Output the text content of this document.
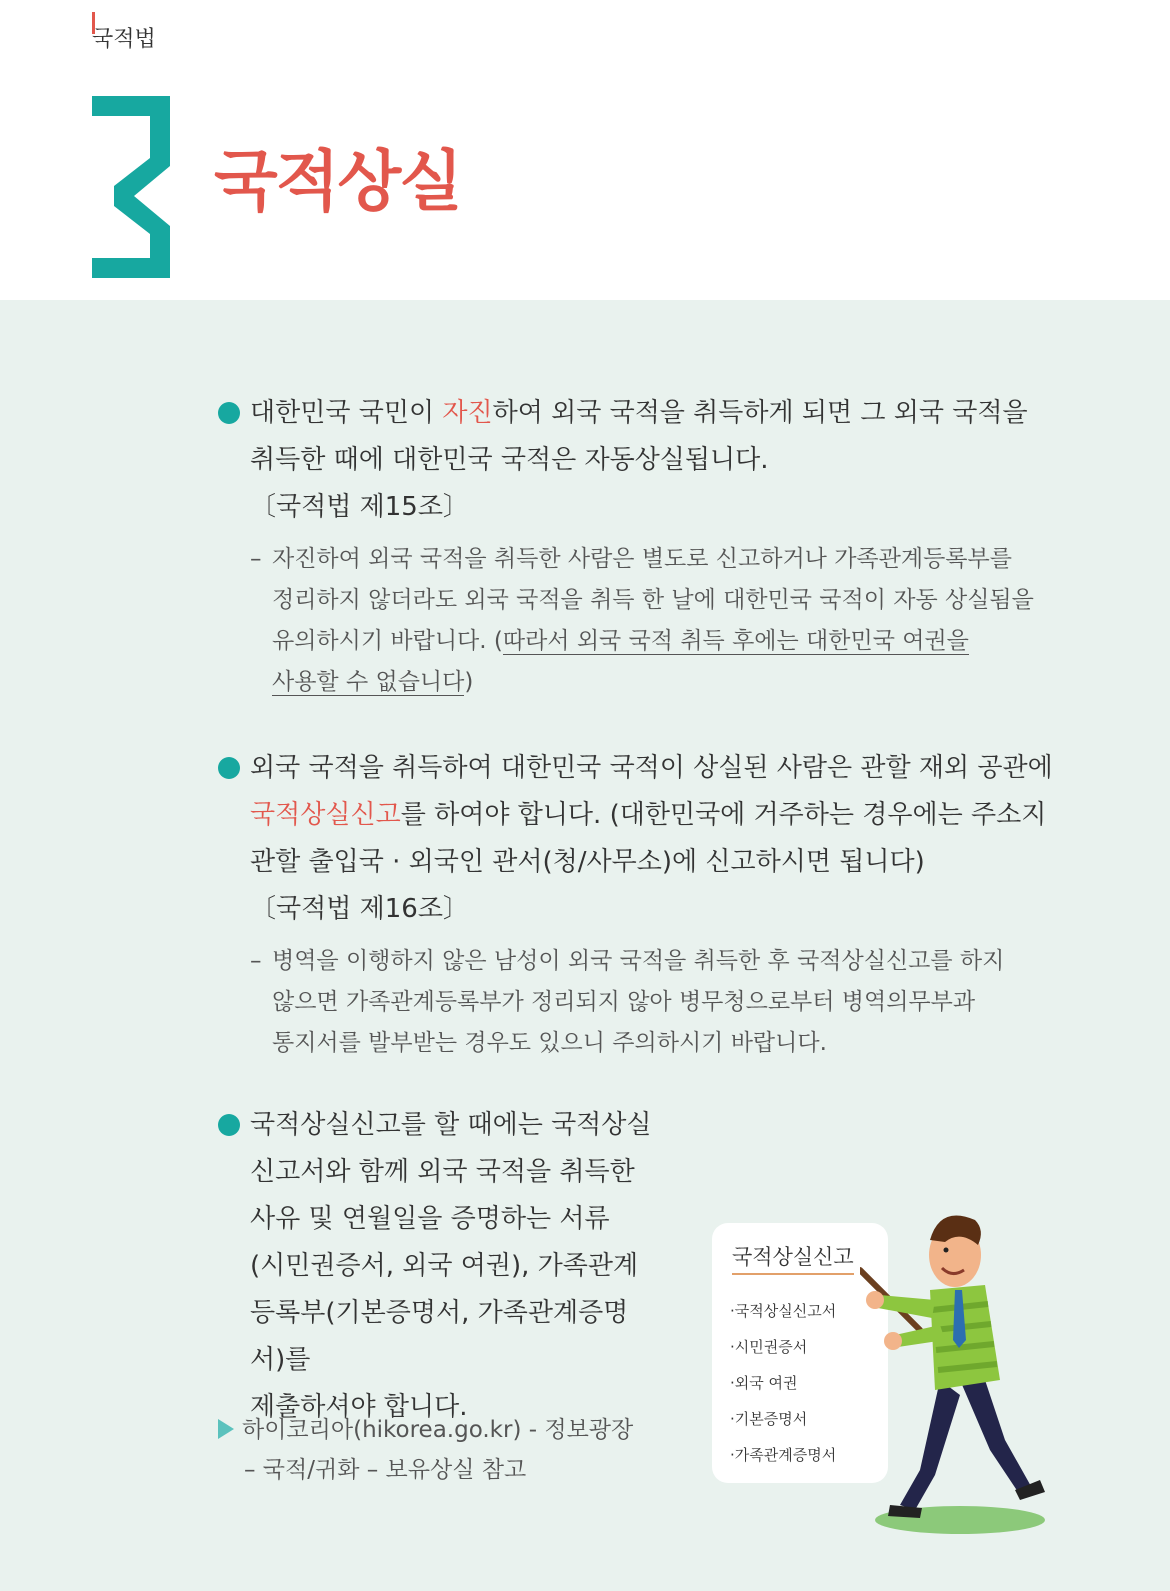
국적법
3
국적상실
대한민국 국민이 자진하여 외국 국적을 취득하게 되면 그 외국 국적을
취득한 때에 대한민국 국적은 자동상실됩니다.
〔국적법 제15조〕
– 자진하여 외국 국적을 취득한 사람은 별도로 신고하거나 가족관계등록부를
정리하지 않더라도 외국 국적을 취득 한 날에 대한민국 국적이 자동 상실됨을
유의하시기 바랍니다. (따라서 외국 국적 취득 후에는 대한민국 여권을
사용할 수 없습니다)
외국 국적을 취득하여 대한민국 국적이 상실된 사람은 관할 재외 공관에
국적상실신고를 하여야 합니다. (대한민국에 거주하는 경우에는 주소지
관할 출입국 · 외국인 관서(청/사무소)에 신고하시면 됩니다)
〔국적법 제16조〕
– 병역을 이행하지 않은 남성이 외국 국적을 취득한 후 국적상실신고를 하지
않으면 가족관계등록부가 정리되지 않아 병무청으로부터 병역의무부과
통지서를 발부받는 경우도 있으니 주의하시기 바랍니다.
국적상실신고를 할 때에는 국적상실
신고서와 함께 외국 국적을 취득한
사유 및 연월일을 증명하는 서류
(시민권증서, 외국 여권), 가족관계
등록부(기본증명서, 가족관계증명서)를
제출하셔야 합니다.
하이코리아(hikorea.go.kr) - 정보광장
– 국적/귀화 – 보유상실 참고
국적상실신고
·국적상실신고서
·시민권증서
·외국 여권
·기본증명서
·가족관계증명서
